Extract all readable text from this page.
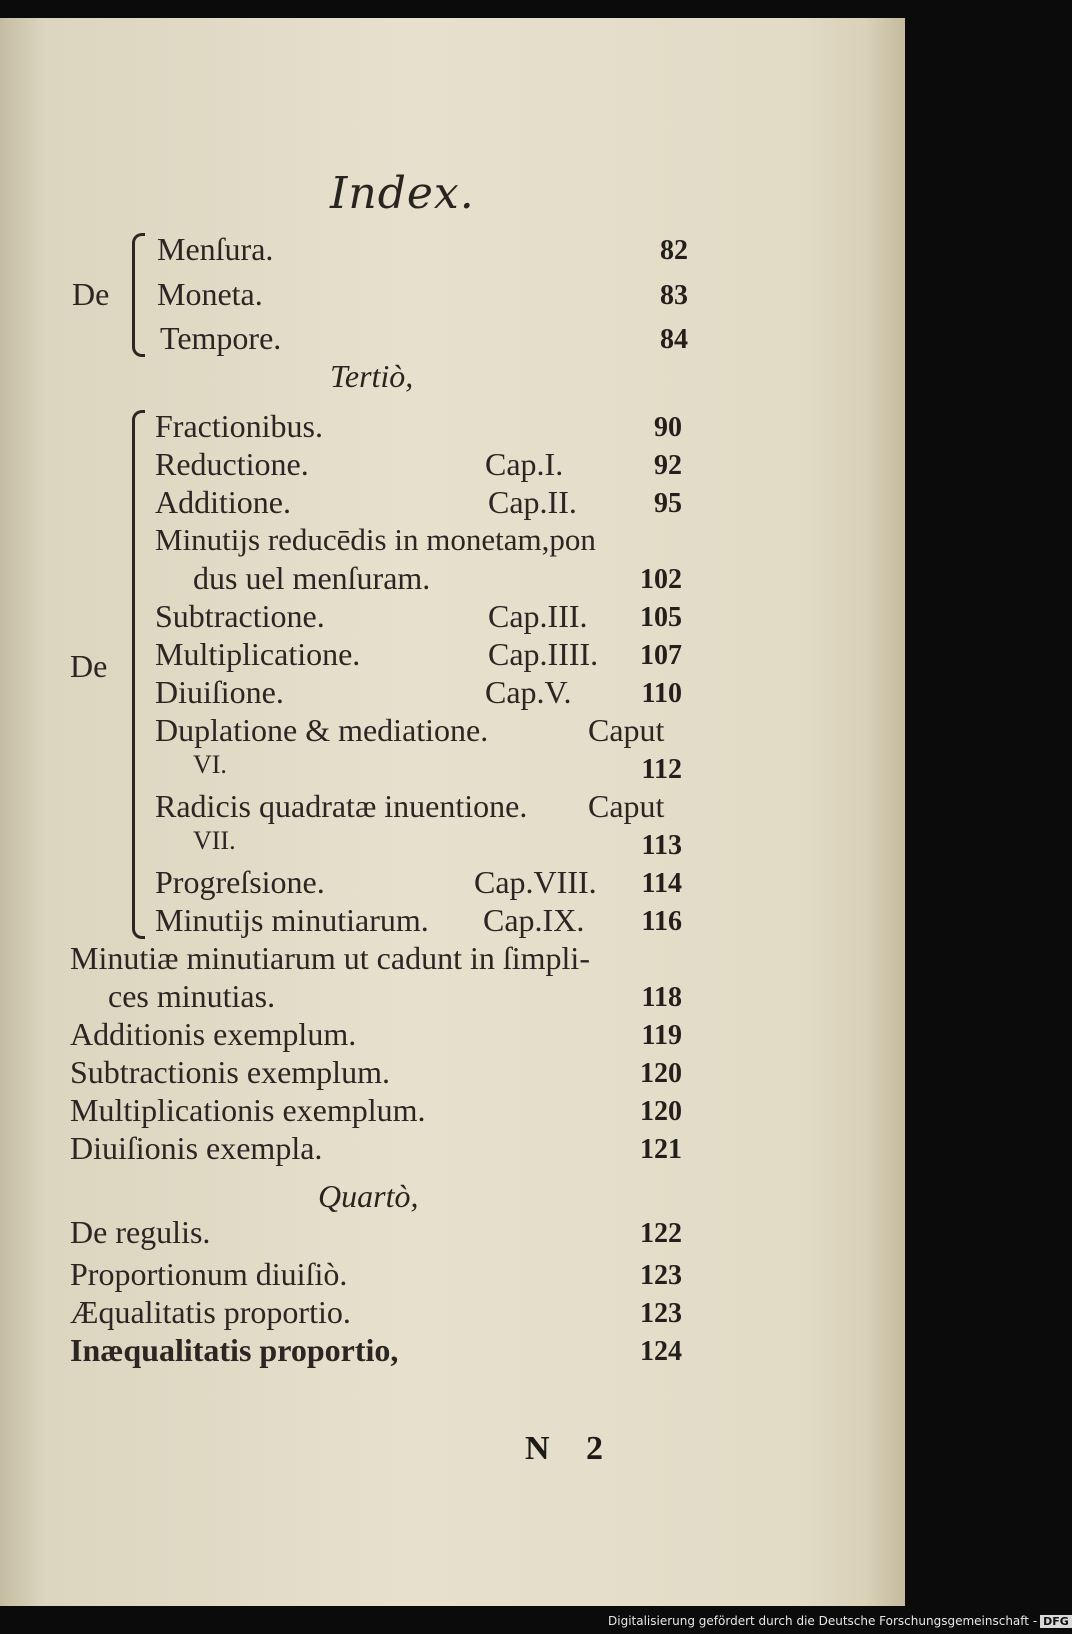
Index.
De
Menſura.	82
Moneta.	83
Tempore.	84
Tertiò,
De
Fractionibus.	90
Reductione.	Cap.I.	92
Additione.	Cap.II.	95
Minutijs reducēdis in monetam,pon
dus uel menſuram.	102
Subtractione.	Cap.III.	105
Multiplicatione.	Cap.IIII.	107
Diuiſione.	Cap.V.	110
Duplatione & mediatione.	Caput
VI.	112
Radicis quadratæ inuentione. Caput
VII.	113
Progreſsione.	Cap.VIII.	114
Minutijs minutiarum. Cap.IX.	116
Minutiæ minutiarum ut cadunt in ſimpli-
ces minutias.	118
Additionis exemplum.	119
Subtractionis exemplum.	120
Multiplicationis exemplum.	120
Diuiſionis exempla.	121
Quartò,
De regulis.	122
Proportionum diuiſiò.	123
Æqualitatis proportio.	123
Inæqualitatis proportio,	124
N 2
Digitalisierung gefördert durch die Deutsche Forschungsgemeinschaft - DFG
